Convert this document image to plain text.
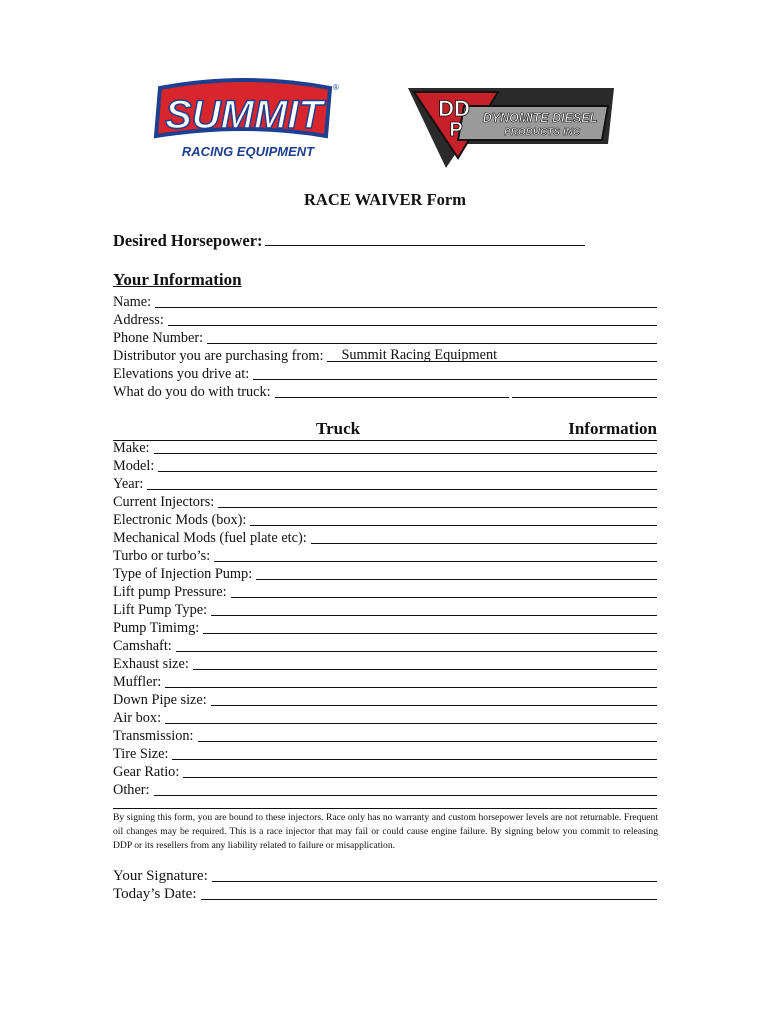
SUMMIT
®
RACING EQUIPMENT
DD
P
DYNOMITE DIESEL
PRODUCTS INC
RACE WAIVER Form
Desired Horsepower:
Your Information
Name:
Address:
Phone Number:
Distributor you are purchasing from: Summit Racing Equipment
Elevations you drive at:
What do you do with truck:
Truck	Information
Make:
Model:
Year:
Current Injectors:
Electronic Mods (box):
Mechanical Mods (fuel plate etc):
Turbo or turbo’s:
Type of Injection Pump:
Lift pump Pressure:
Lift Pump Type:
Pump Timimg:
Camshaft:
Exhaust size:
Muffler:
Down Pipe size:
Air box:
Transmission:
Tire Size:
Gear Ratio:
Other:
By signing this form, you are bound to these injectors. Race only has no warranty and custom horsepower levels are not returnable. Frequent oil changes may be required. This is a race injector that may fail or could cause engine failure. By signing below you commit to releasing DDP or its resellers from any liability related to failure or misapplication.
Your Signature:
Today’s Date:
